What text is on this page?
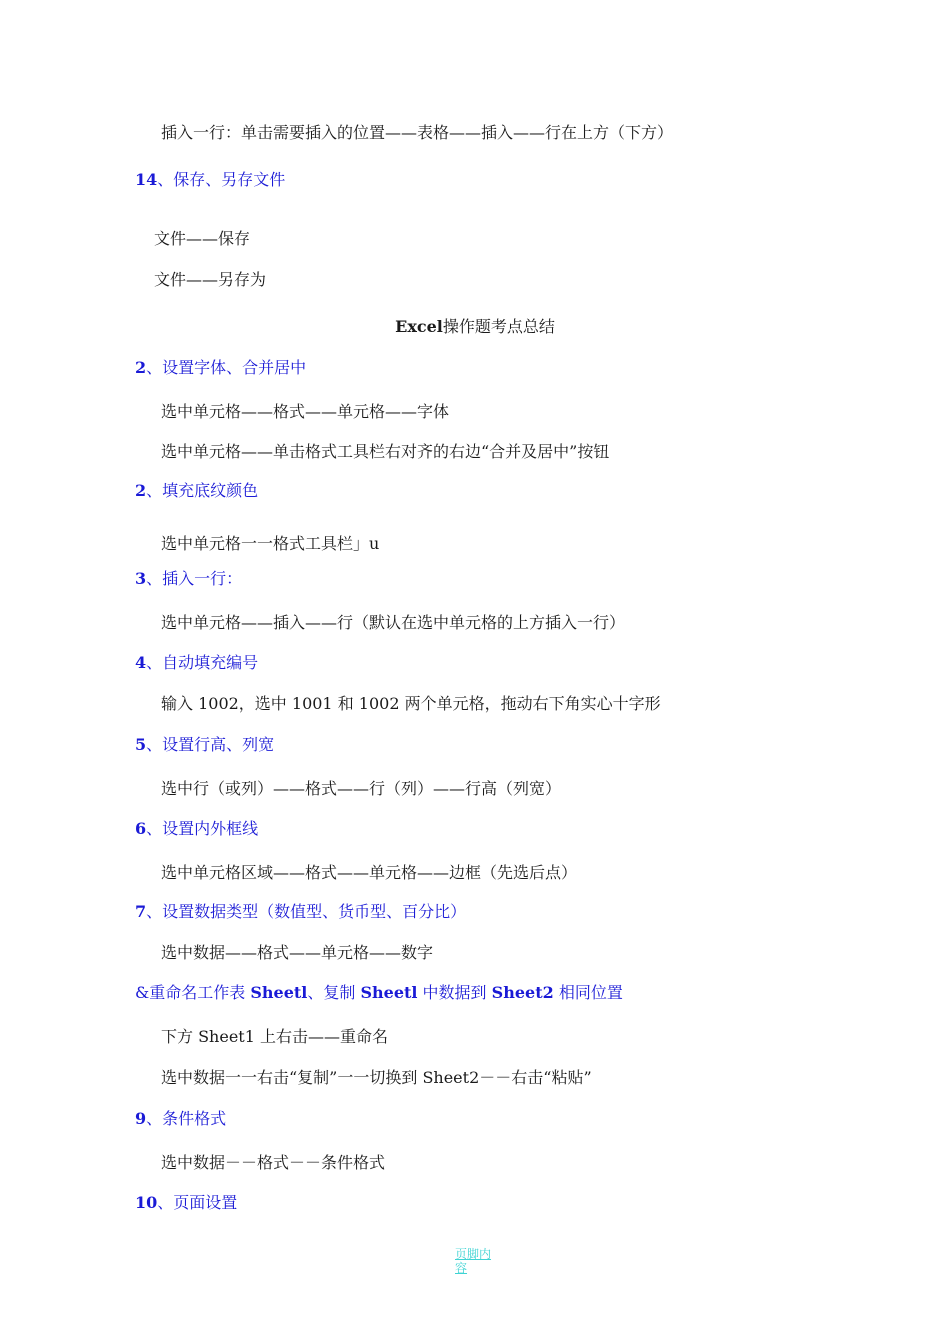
插入一行：单击需要插入的位置——表格——插入——行在上方（下方）
14、保存、另存文件
文件——保存
文件——另存为
Excel操作题考点总结
2、设置字体、合并居中
选中单元格——格式——单元格——字体
选中单元格——单击格式工具栏右对齐的右边“合并及居中”按钮
2、填充底纹颜色
选中单元格一一格式工具栏」u
3、插入一行：
选中单元格——插入——行（默认在选中单元格的上方插入一行）
4、自动填充编号
输入 1002，选中 1001 和 1002 两个单元格，拖动右下角实心十字形
5、设置行高、列宽
选中行（或列）——格式——行（列）——行高（列宽）
6、设置内外框线
选中单元格区域——格式——单元格——边框（先选后点）
7、设置数据类型（数值型、货币型、百分比）
选中数据——格式——单元格——数字
&重命名工作表 Sheetl、复制 Sheetl 中数据到 Sheet2 相同位置
下方 Sheet1 上右击——重命名
选中数据一一右击“复制”一一切换到 Sheet2－－右击“粘贴”
9、条件格式
选中数据－－格式－－条件格式
10、页面设置
页脚内容
